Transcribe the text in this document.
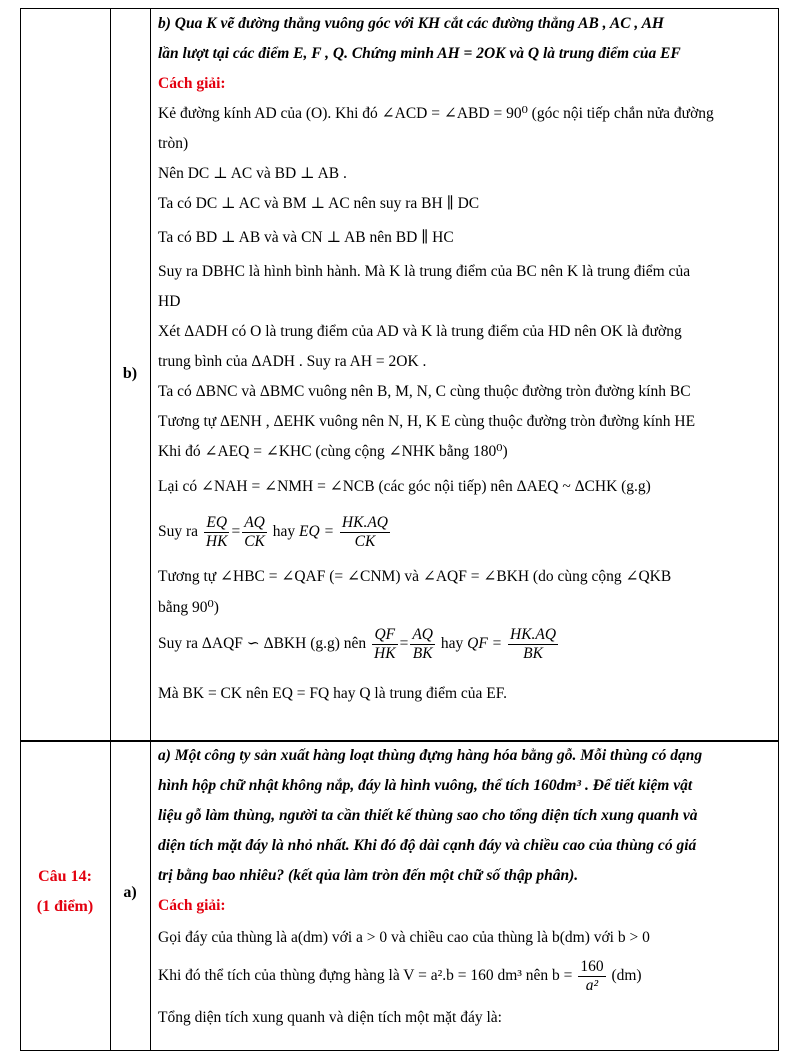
b)
b) Qua K vẽ đường thẳng vuông góc với KH cắt các đường thẳng AB , AC , AH
lần lượt tại các điểm E, F , Q. Chứng minh AH = 2OK và Q là trung điểm của EF
Cách giải:
Kẻ đường kính AD của (O). Khi đó ∠ACD = ∠ABD = 90⁰ (góc nội tiếp chắn nửa đường
tròn)
Nên DC ⊥ AC và BD ⊥ AB .
Ta có DC ⊥ AC và BM ⊥ AC nên suy ra BH ∥ DC
Ta có BD ⊥ AB và và CN ⊥ AB nên BD ∥ HC
Suy ra DBHC là hình bình hành. Mà K là trung điểm của BC nên K là trung điểm của
HD
Xét ΔADH có O là trung điểm của AD và K là trung điểm của HD nên OK là đường
trung bình của ΔADH . Suy ra AH = 2OK .
Ta có ΔBNC và ΔBMC vuông nên B, M, N, C cùng thuộc đường tròn đường kính BC
Tương tự ΔENH , ΔEHK vuông nên N, H, K E cùng thuộc đường tròn đường kính HE
Khi đó ∠AEQ = ∠KHC (cùng cộng ∠NHK bằng 180⁰)
Lại có ∠NAH = ∠NMH = ∠NCB (các góc nội tiếp) nên ΔAEQ ~ ΔCHK (g.g)
Suy ra $\frac{EQ}{HK} = \frac{AQ}{CK}$ hay EQ = $\frac{HK.AQ}{CK}$
Tương tự ∠HBC = ∠QAF (= ∠CNM) và ∠AQF = ∠BKH (do cùng cộng ∠QKB
bằng 90⁰)
Suy ra ΔAQF ∽ ΔBKH (g.g) nên $\frac{QF}{HK} = \frac{AQ}{BK}$ hay QF = $\frac{HK.AQ}{BK}$
Mà BK = CK nên EQ = FQ hay Q là trung điểm của EF.
Câu 14:
(1 điểm)
a)
a) Một công ty sản xuất hàng loạt thùng đựng hàng hóa bằng gỗ. Mỗi thùng có dạng
hình hộp chữ nhật không nắp, đáy là hình vuông, thể tích 160dm³ . Để tiết kiệm vật
liệu gỗ làm thùng, người ta cần thiết kế thùng sao cho tổng diện tích xung quanh và
diện tích mặt đáy là nhỏ nhất. Khi đó độ dài cạnh đáy và chiều cao của thùng có giá
trị bằng bao nhiêu? (kết qủa làm tròn đến một chữ số thập phân).
Cách giải:
Gọi đáy của thùng là a(dm) với a > 0 và chiều cao của thùng là b(dm) với b > 0
Khi đó thể tích của thùng đựng hàng là V = a².b = 160 dm³ nên $b = \frac{160}{\text{a²}} (dm)$
Tổng diện tích xung quanh và diện tích một mặt đáy là:
